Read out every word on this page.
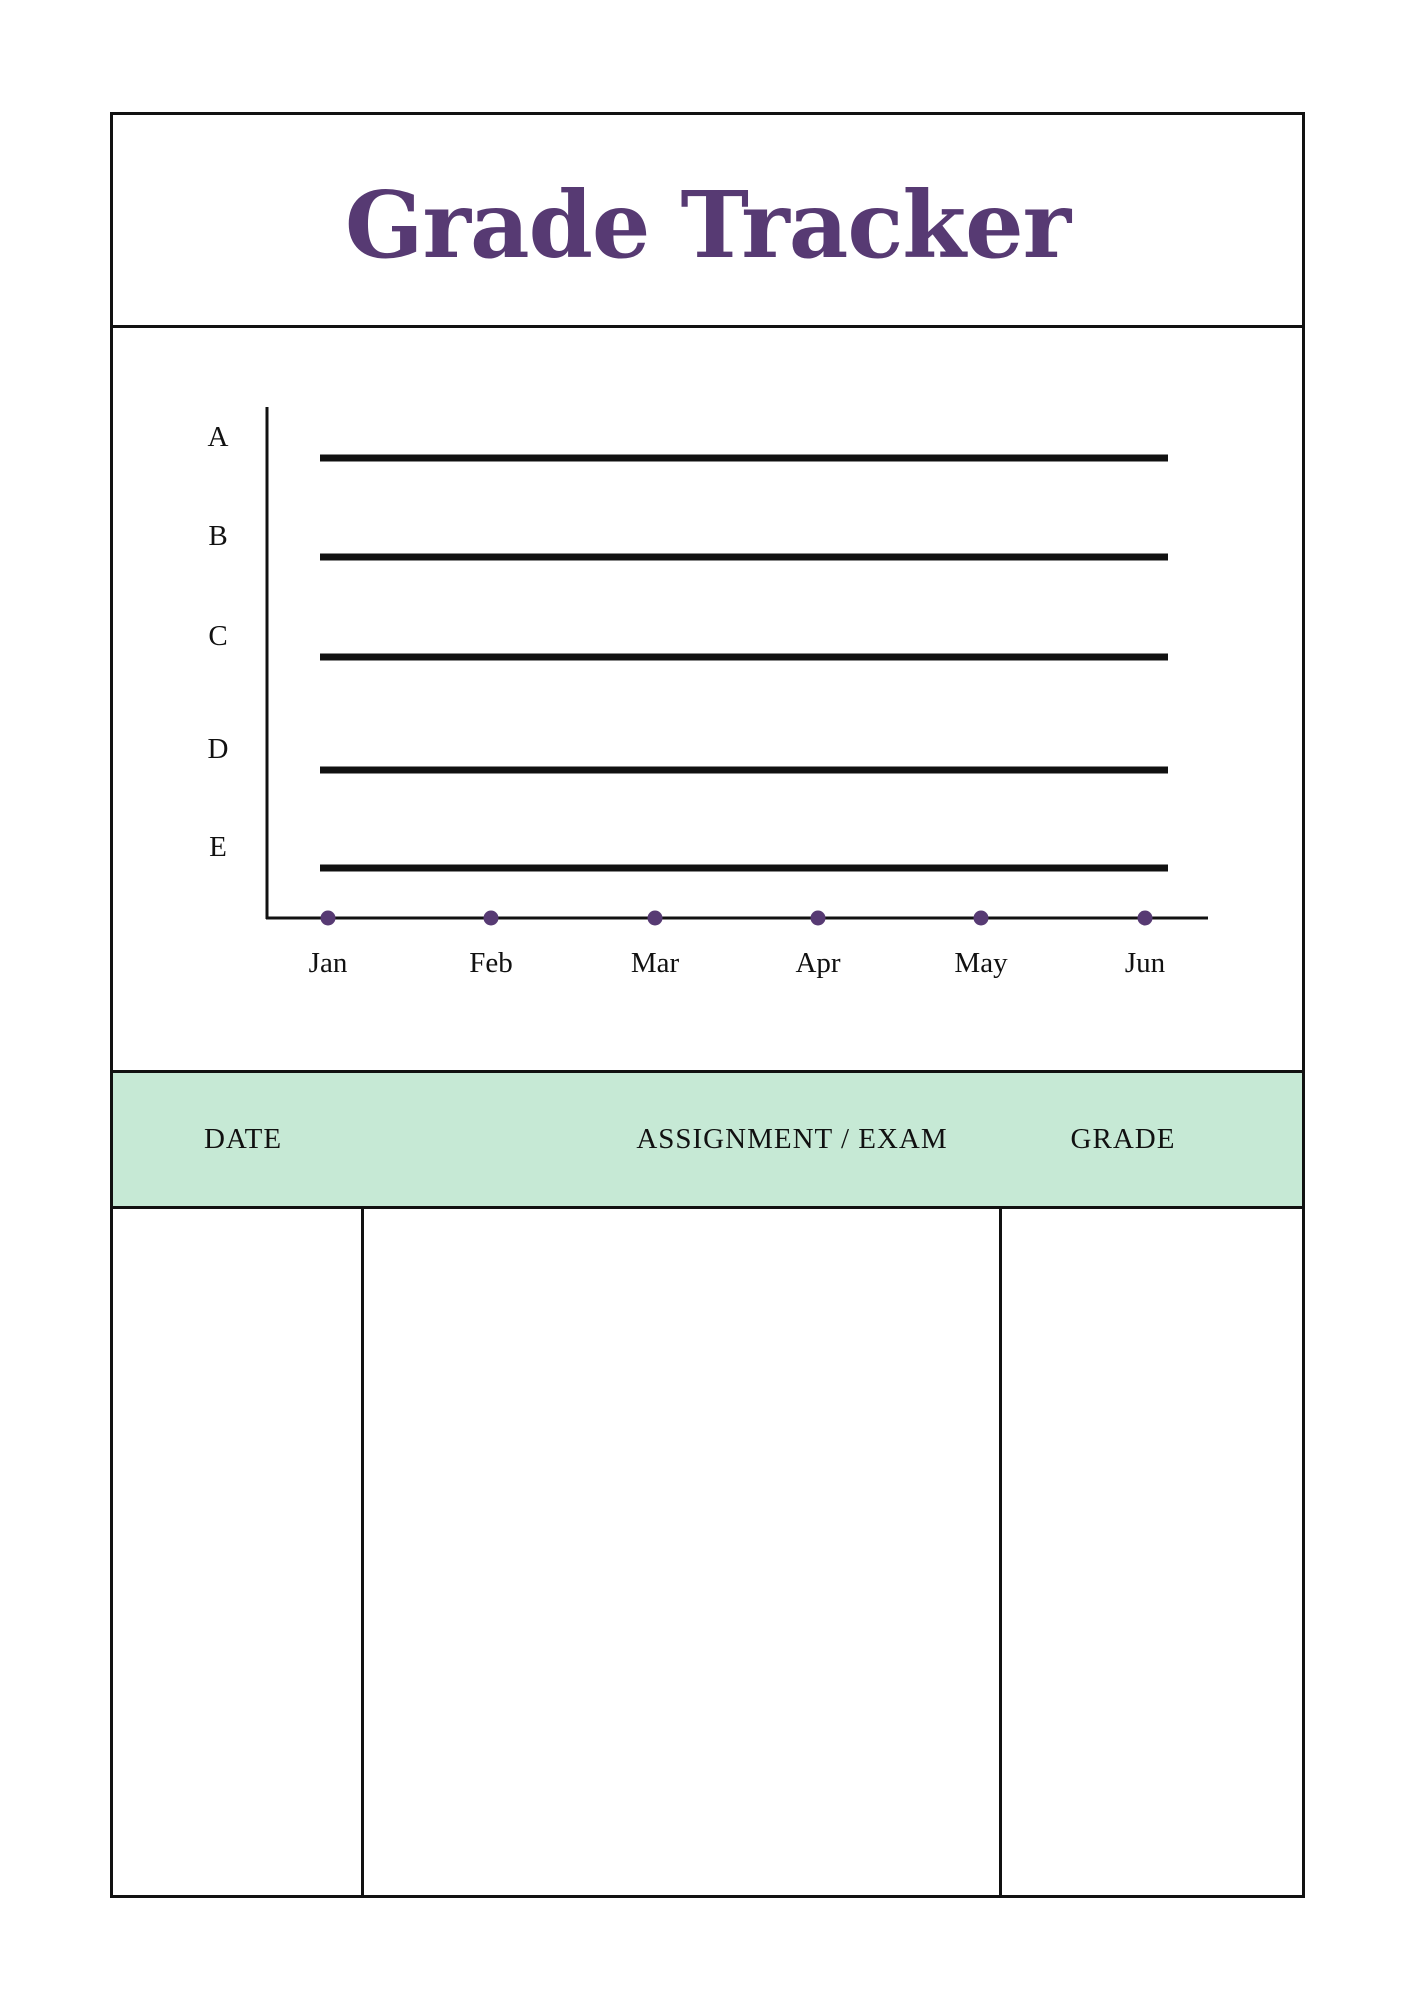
Grade Tracker
DATE	ASSIGNMENT / EXAM	GRADE
A
B
C
D
E
Jan	Feb	Mar	Apr	May	Jun
